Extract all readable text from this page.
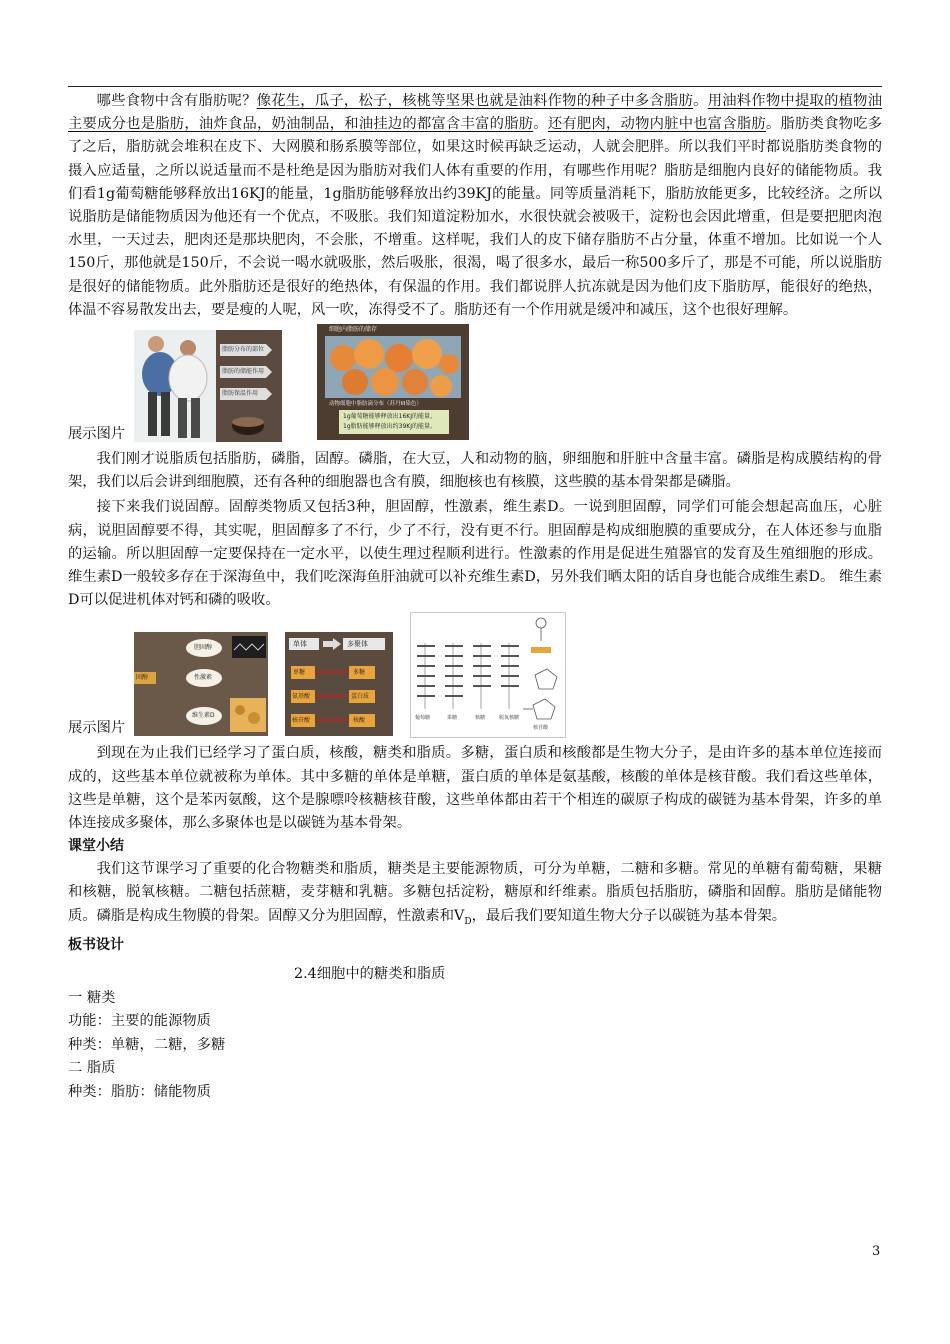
哪些食物中含有脂肪呢？像花生，瓜子，松子，核桃等坚果也就是油料作物的种子中多含脂肪。用油料作物中提取的植物油主要成分也是脂肪，油炸食品，奶油制品，和油挂边的都富含丰富的脂肪。还有肥肉，动物内脏中也富含脂肪。脂肪类食物吃多了之后，脂肪就会堆积在皮下、大网膜和肠系膜等部位，如果这时候再缺乏运动，人就会肥胖。所以我们平时都说脂肪类食物的摄入应适量，之所以说适量而不是杜绝是因为脂肪对我们人体有重要的作用，有哪些作用呢？脂肪是细胞内良好的储能物质。我们看1g葡萄糖能够释放出16KJ的能量，1g脂肪能够释放出约39KJ的能量。同等质量消耗下，脂肪放能更多，比较经济。之所以说脂肪是储能物质因为他还有一个优点，不吸胀。我们知道淀粉加水，水很快就会被吸干，淀粉也会因此增重，但是要把肥肉泡水里，一天过去，肥肉还是那块肥肉，不会胀，不增重。这样呢，我们人的皮下储存脂肪不占分量，体重不增加。比如说一个人150斤，那他就是150斤，不会说一喝水就吸胀，然后吸胀，很渴，喝了很多水，最后一称500多斤了，那是不可能，所以说脂肪是很好的储能物质。此外脂肪还是很好的绝热体，有保温的作用。我们都说胖人抗冻就是因为他们皮下脂肪厚，能很好的绝热，体温不容易散发出去，要是瘦的人呢，风一吹，冻得受不了。脂肪还有一个作用就是缓冲和减压，这个也很好理解。

展示图片
脂肪分布的部位
脂肪的储能作用
脂肪保温作用
细胞内脂肪的储存
动物细胞中脂肪滴分布（苏丹III染色）
1g葡萄糖能够释放出16KJ的能量，
1g脂肪能够释放出约39KJ的能量。

我们刚才说脂质包括脂肪，磷脂，固醇。磷脂，在大豆，人和动物的脑，卵细胞和肝脏中含量丰富。磷脂是构成膜结构的骨架，我们以后会讲到细胞膜，还有各种的细胞器也含有膜，细胞核也有核膜，这些膜的基本骨架都是磷脂。

接下来我们说固醇。固醇类物质又包括3种，胆固醇，性激素，维生素D。一说到胆固醇，同学们可能会想起高血压，心脏病，说胆固醇要不得，其实呢，胆固醇多了不行，少了不行，没有更不行。胆固醇是构成细胞膜的重要成分，在人体还参与血脂的运输。所以胆固醇一定要保持在一定水平，以使生理过程顺利进行。性激素的作用是促进生殖器官的发育及生殖细胞的形成。维生素D一般较多存在于深海鱼中，我们吃深海鱼肝油就可以补充维生素D，另外我们晒太阳的话自身也能合成维生素D。 维生素D可以促进机体对钙和磷的吸收。

展示图片
固醇
胆固醇
性激素
维生素D
单体	多聚体
单糖
氨基酸
核苷酸
多糖
蛋白质
核酸	葡萄糖	果糖	核糖	脱氧核糖
核苷酸

到现在为止我们已经学习了蛋白质，核酸，糖类和脂质。多糖，蛋白质和核酸都是生物大分子，是由许多的基本单位连接而成的，这些基本单位就被称为单体。其中多糖的单体是单糖，蛋白质的单体是氨基酸，核酸的单体是核苷酸。我们看这些单体，这些是单糖，这个是苯丙氨酸，这个是腺嘌呤核糖核苷酸，这些单体都由若干个相连的碳原子构成的碳链为基本骨架，许多的单体连接成多聚体，那么多聚体也是以碳链为基本骨架。

课堂小结

我们这节课学习了重要的化合物糖类和脂质，糖类是主要能源物质，可分为单糖，二糖和多糖。常见的单糖有葡萄糖，果糖和核糖，脱氧核糖。二糖包括蔗糖，麦芽糖和乳糖。多糖包括淀粉，糖原和纤维素。脂质包括脂肪，磷脂和固醇。脂肪是储能物质。磷脂是构成生物膜的骨架。固醇又分为胆固醇，性激素和$V_D$，最后我们要知道生物大分子以碳链为基本骨架。

板书设计
2.4细胞中的糖类和脂质
一 糖类
功能：主要的能源物质
种类：单糖，二糖，多糖
二 脂质
种类：脂肪：储能物质
3
